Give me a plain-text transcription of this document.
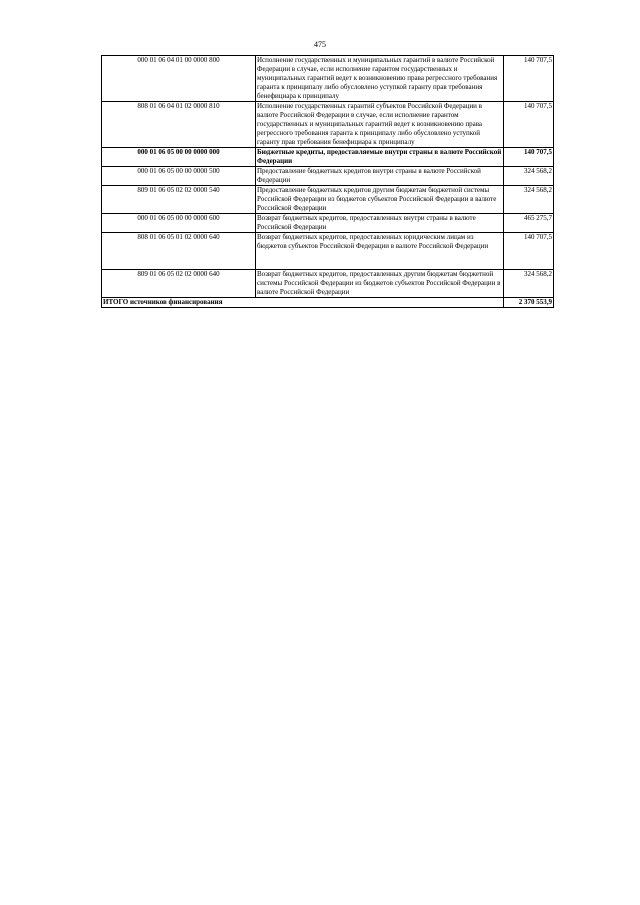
475
000 01 06 04 01 00 0000 800	Исполнение государственных и муниципальных гарантий в валюте Российской Федерации в случае, если исполнение гарантом государственных и муниципальных гарантий ведет к возникновению права регрессного требования гаранта к принципалу либо обусловлено уступкой гаранту прав требования бенефициара к принципалу	140 707,5
808 01 06 04 01 02 0000 810	Исполнение государственных гарантий субъектов Российской Федерации в валюте Российской Федерации в случае, если исполнение гарантом государственных и муниципальных гарантий ведет к возникновению права регрессного требования гаранта к принципалу либо обусловлено уступкой гаранту прав требования бенефициара к принципалу	140 707,5
000 01 06 05 00 00 0000 000	Бюджетные кредиты, предоставляемые внутри страны в валюте Российской Федерации	140 707,5
000 01 06 05 00 00 0000 500	Предоставление бюджетных кредитов внутри страны в валюте Российской Федерации	324 568,2
809 01 06 05 02 02 0000 540	Предоставление бюджетных кредитов другим бюджетам бюджетной системы Российской Федерации из бюджетов субъектов Российской Федерации в валюте Российской Федерации	324 568,2
000 01 06 05 00 00 0000 600	Возврат бюджетных кредитов, предоставленных внутри страны в валюте Российской Федерации	465 275,7
808 01 06 05 01 02 0000 640	Возврат бюджетных кредитов, предоставленных юридическим лицам из бюджетов субъектов Российской Федерации в валюте Российской Федерации	140 707,5
809 01 06 05 02 02 0000 640	Возврат бюджетных кредитов, предоставленных другим бюджетам бюджетной системы Российской Федерации из бюджетов субъектов Российской Федерации в валюте Российской Федерации	324 568,2
ИТОГО источников финансирования		2 370 553,9
